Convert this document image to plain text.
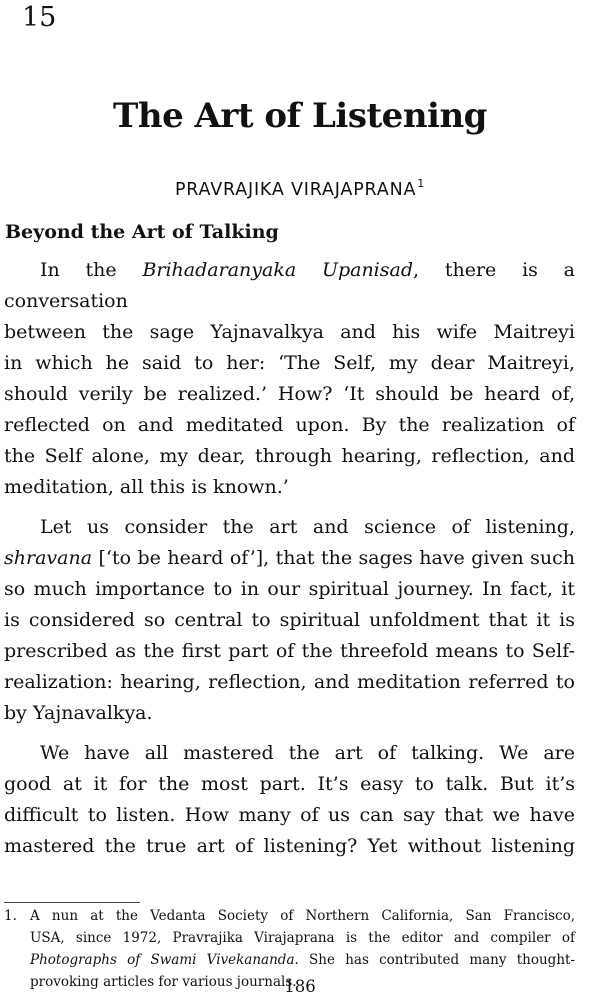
15
The Art of Listening
PRAVRAJIKA VIRAJAPRANA$^1$
Beyond the Art of Talking

In the Brihadaranyaka Upanisad, there is a conversation
between the sage Yajnavalkya and his wife Maitreyi
in which he said to her: ‘The Self, my dear Maitreyi,
should verily be realized.’ How? ‘It should be heard of,
reflected on and meditated upon. By the realization of
the Self alone, my dear, through hearing, reflection, and
meditation, all this is known.’

Let us consider the art and science of listening,
shravana [‘to be heard of’], that the sages have given such
so much importance to in our spiritual journey. In fact, it
is considered so central to spiritual unfoldment that it is
prescribed as the first part of the threefold means to Self-
realization: hearing, reflection, and meditation referred to
by Yajnavalkya.

We have all mastered the art of talking. We are
good at it for the most part. It’s easy to talk. But it’s
difficult to listen. How many of us can say that we have
mastered the true art of listening? Yet without listening

1. A nun at the Vedanta Society of Northern California, San Francisco,
USA, since 1972, Pravrajika Virajaprana is the editor and compiler of
Photographs of Swami Vivekananda. She has contributed many thought-
provoking articles for various journals.
186
